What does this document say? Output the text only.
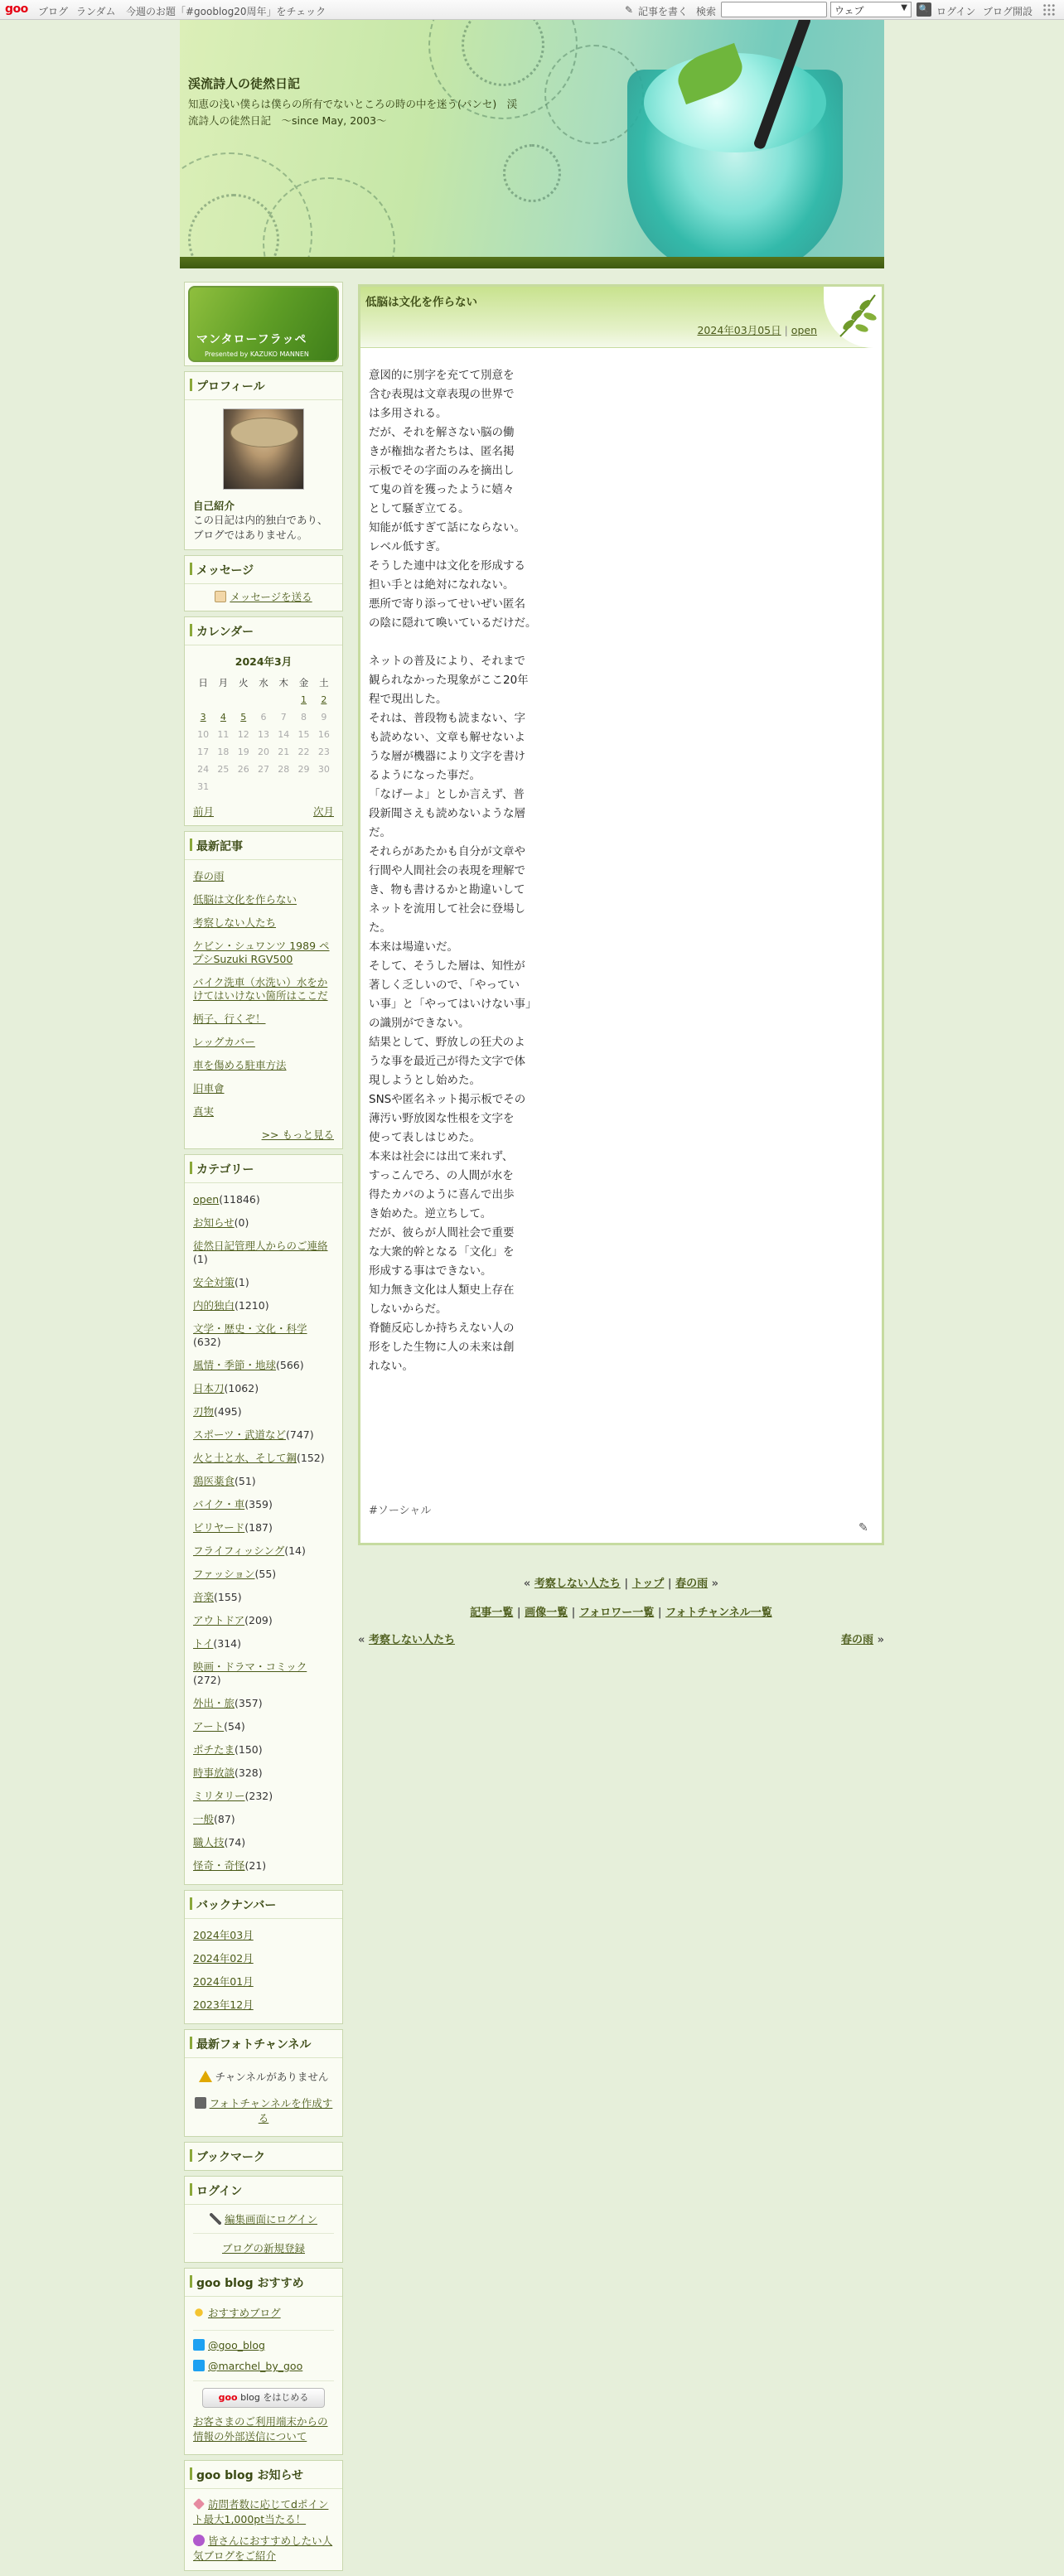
goo ブログ ランダム 今週のお題「#gooblog20周年」をチェック	✎ 記事を書く 検索	ウェブ	▼ 🔍 ログイン ブログ開設
渓流詩人の徒然日記
知恵の浅い僕らは僕らの所有でないところの時の中を迷う(パンセ)　渓流詩人の徒然日記　～since May, 2003～
マンタローフラッペ
Presented by KAZUKO MANNEN
プロフィール
自己紹介
この日記は内的独白であり、ブログではありません。
メッセージ
メッセージを送る
カレンダー
2024年3月
日	月	火	水	木	金	土
					1	2
3	4	5	6	7	8	9
10	11	12	13	14	15	16
17	18	19	20	21	22	23
24	25	26	27	28	29	30
31						
前月	次月
最新記事
春の雨
低脳は文化を作らない
考察しない人たち
ケビン・シュワンツ 1989 ペプシSuzuki RGV500
バイク洗車（水洗い）水をかけてはいけない箇所はここだ
柄子、行くぞ！
レッグカバー
車を傷める駐車方法
旧車會
真実
>> もっと見る
カテゴリー
open(11846)
お知らせ(0)
徒然日記管理人からのご連絡(1)
安全対策(1)
内的独白(1210)
文学・歴史・文化・科学(632)
風情・季節・地球(566)
日本刀(1062)
刃物(495)
スポーツ・武道など(747)
火と土と水、そして鋼(152)
鶏医薬食(51)
バイク・車(359)
ビリヤード(187)
フライフィッシング(14)
ファッション(55)
音楽(155)
アウトドア(209)
トイ(314)
映画・ドラマ・コミック(272)
外出・旅(357)
アート(54)
ポチたま(150)
時事放談(328)
ミリタリー(232)
一般(87)
職人技(74)
怪奇・奇怪(21)
バックナンバー
2024年03月
2024年02月
2024年01月
2023年12月
最新フォトチャンネル
チャンネルがありません
フォトチャンネルを作成する
ブックマーク
ログイン
編集画面にログイン
ブログの新規登録
goo blog おすすめ
おすすめブログ
@goo_blog
@marchel_by_goo
goo blog をはじめる
お客さまのご利用端末からの情報の外部送信について
goo blog お知らせ
訪問者数に応じてdポイント最大1,000pt当たる！
皆さんにおすすめしたい人気ブログをご紹介
低脳は文化を作らない
2024年03月05日 | open
意図的に別字を充てて別意を
含む表現は文章表現の世界で
は多用される。
だが、それを解さない脳の働
きが権拙な者たちは、匿名掲
示板でその字面のみを摘出し
て鬼の首を獲ったように嬉々
として騒ぎ立てる。
知能が低すぎて話にならない。
レベル低すぎ。
そうした連中は文化を形成する
担い手とは絶対になれない。
悪所で寄り添ってせいぜい匿名
の陰に隠れて喚いているだけだ。

ネットの普及により、それまで
観られなかった現象がここ20年
程で現出した。
それは、普段物も読まない、字
も読めない、文章も解せないよ
うな層が機器により文字を書け
るようになった事だ。
「なげーよ」としか言えず、普
段新聞さえも読めないような層
だ。
それらがあたかも自分が文章や
行間や人間社会の表現を理解で
き、物も書けるかと勘違いして
ネットを流用して社会に登場し
た。
本来は場違いだ。
そして、そうした層は、知性が
著しく乏しいので、「やってい
い事」と「やってはいけない事」
の識別ができない。
結果として、野放しの狂犬のよ
うな事を最近己が得た文字で体
現しようとし始めた。
SNSや匿名ネット掲示板でその
薄汚い野放図な性根を文字を
使って表しはじめた。
本来は社会には出て来れず、
すっこんでろ、の人間が水を
得たカバのように喜んで出歩
き始めた。逆立ちして。
だが、彼らが人間社会で重要
な大衆的幹となる「文化」を
形成する事はできない。
知力無き文化は人類史上存在
しないからだ。
脊髄反応しか持ちえない人の
形をした生物に人の未来は創
れない。
#ソーシャル
✎
« 考察しない人たち | トップ | 春の雨 »
記事一覧 | 画像一覧 | フォロワー一覧 | フォトチャンネル一覧
« 考察しない人たち	春の雨 »
